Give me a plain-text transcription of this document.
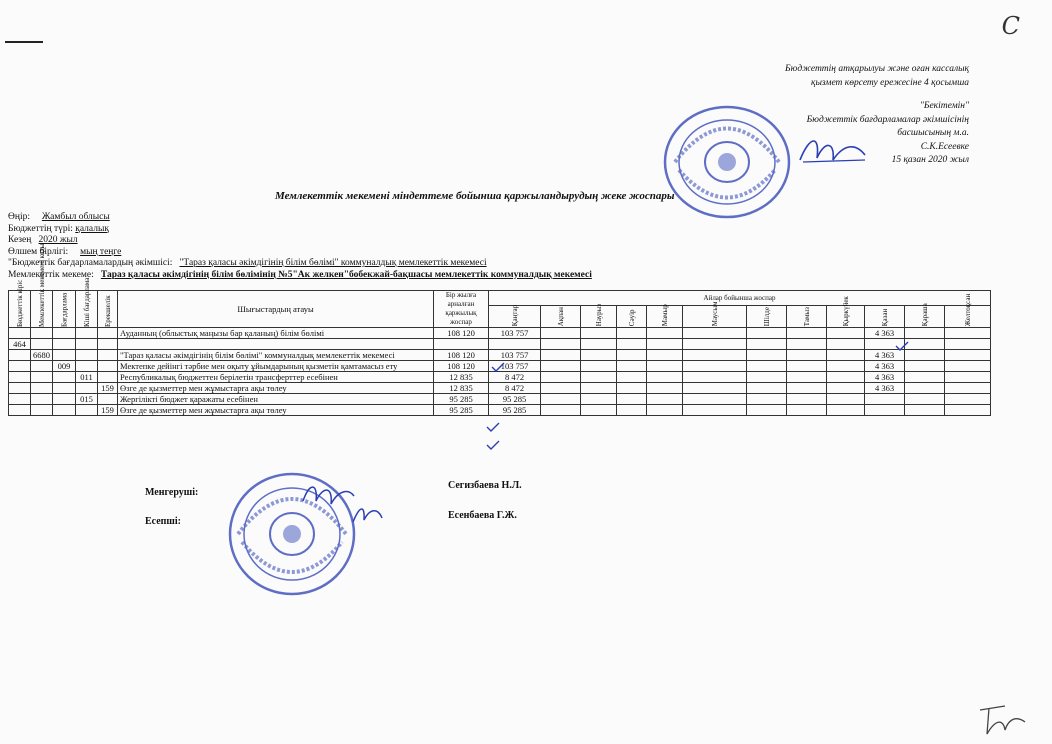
С
Бюджеттің атқарылуы және оған кассалық
қызмет көрсету ережесіне 4 қосымша
"Бекітемін"
Бюджеттік бағдарламалар әкімшісінің
басшысының м.а.
С.К.Есеевке
15 қазан 2020 жыл
Мемлекеттік мекемені міндеттеме бойынша қаржыландырудың жеке жоспары
Өңір: Жамбыл облысы
Бюджеттің түрі: қалалық
Кезең 2020 жыл
Өлшем бірлігі: мың теңге
"Бюджеттік бағдарламалардың әкімшісі: "Тараз қаласы әкімдігінің білім бөлімі" коммуналдық мемлекеттік мекемесі
Мемлекеттік мекеме: Тараз қаласы әкімдігінің білім бөлімінің №5"Ак желкен"бобекжай-бақшасы мемлекеттік коммуналдық мекемесі
Бюджеттік кіріс	Мемлекеттік мекемені коды	Бағдарлама	Кіші бағдарлама	Ерекшелік	Шығыстардың атауы	Бір жылға арналған қаржылық жоспар	Айлар бойынша жоспар											
							Қаңтар	Ақпан	Наурыз	Сәуір	Мамыр	Маусым	Шілде	Тамыз	Қыркүйек	Қазан	Қараша	Желтоқсан
					Ауданның (облыстық маңызы бар қаланың) білім бөлімі	108 120	103 757									4 363		
464																		
	6680				"Тараз қаласы әкімдігінің білім бөлімі" коммуналдық мемлекеттік мекемесі	108 120	103 757									4 363		
		009			Мектепке дейінгі тәрбие мен оқыту ұйымдарының қызметін қамтамасыз ету	108 120	103 757									4 363		
			011		Республикалық бюджеттен берілетін трансферттер есебінен	12 835	8 472									4 363		
				159	Өзге де қызметтер мен жұмыстарға ақы төлеу	12 835	8 472									4 363		
			015		Жергілікті бюджет қаражаты есебінен	95 285	95 285											
				159	Өзге де қызметтер мен жұмыстарға ақы төлеу	95 285	95 285											
Менгеруші:
Сегизбаева Н.Л.
Есепші:
Есенбаева Г.Ж.
